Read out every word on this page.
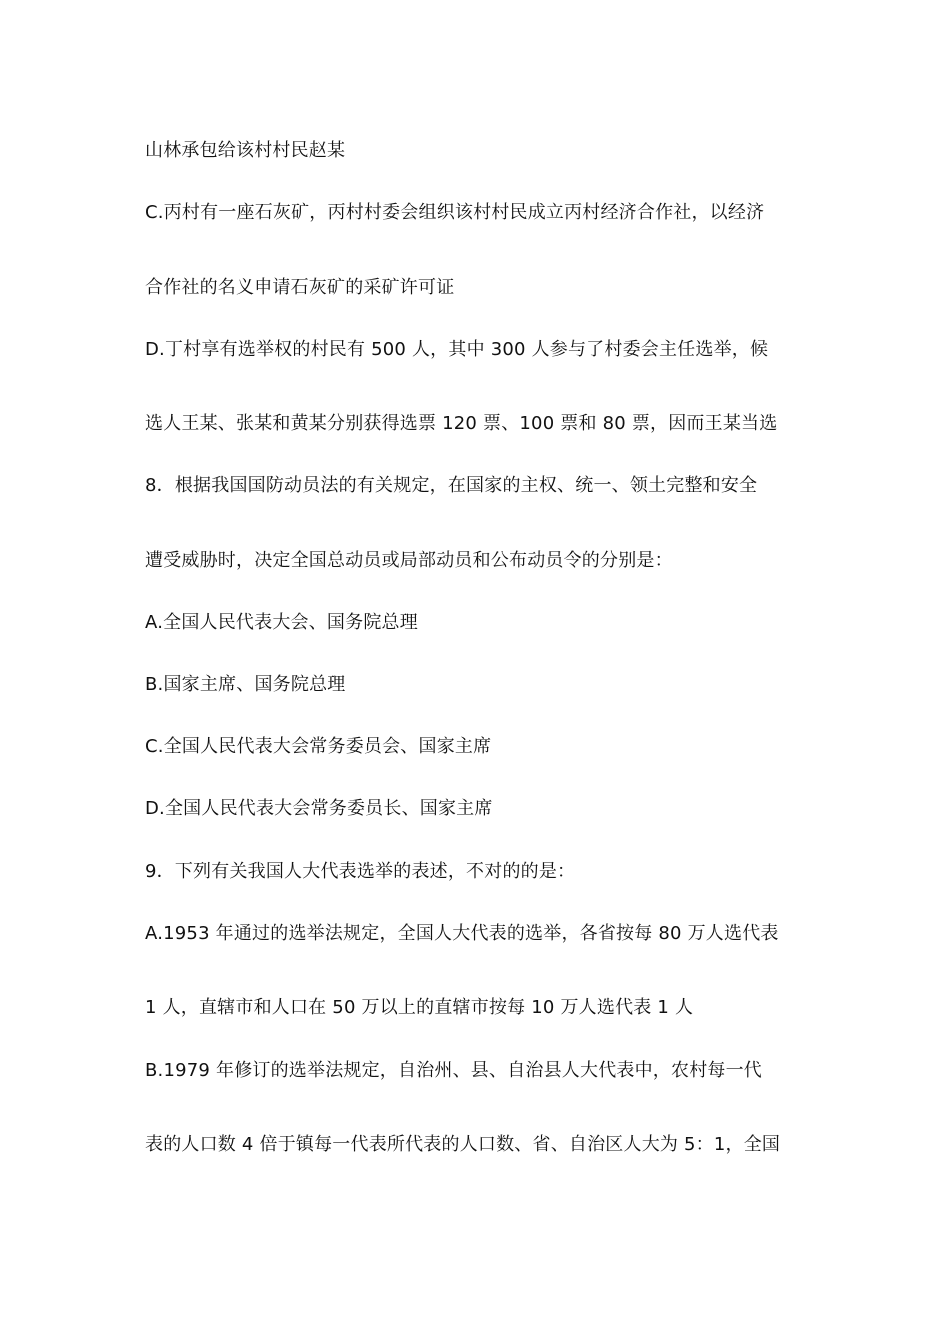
山林承包给该村村民赵某
C.丙村有一座石灰矿，丙村村委会组织该村村民成立丙村经济合作社，以经济
合作社的名义申请石灰矿的采矿许可证
D.丁村享有选举权的村民有 500 人，其中 300 人参与了村委会主任选举，候
选人王某、张某和黄某分别获得选票 120 票、100 票和 80 票，因而王某当选
8．根据我国国防动员法的有关规定，在国家的主权、统一、领土完整和安全
遭受威胁时，决定全国总动员或局部动员和公布动员令的分别是：
A.全国人民代表大会、国务院总理
B.国家主席、国务院总理
C.全国人民代表大会常务委员会、国家主席
D.全国人民代表大会常务委员长、国家主席
9．下列有关我国人大代表选举的表述，不对的的是：
A.1953 年通过的选举法规定，全国人大代表的选举，各省按每 80 万人选代表
1 人，直辖市和人口在 50 万以上的直辖市按每 10 万人选代表 1 人
B.1979 年修订的选举法规定，自治州、县、自治县人大代表中，农村每一代
表的人口数 4 倍于镇每一代表所代表的人口数、省、自治区人大为 5：1，全国
